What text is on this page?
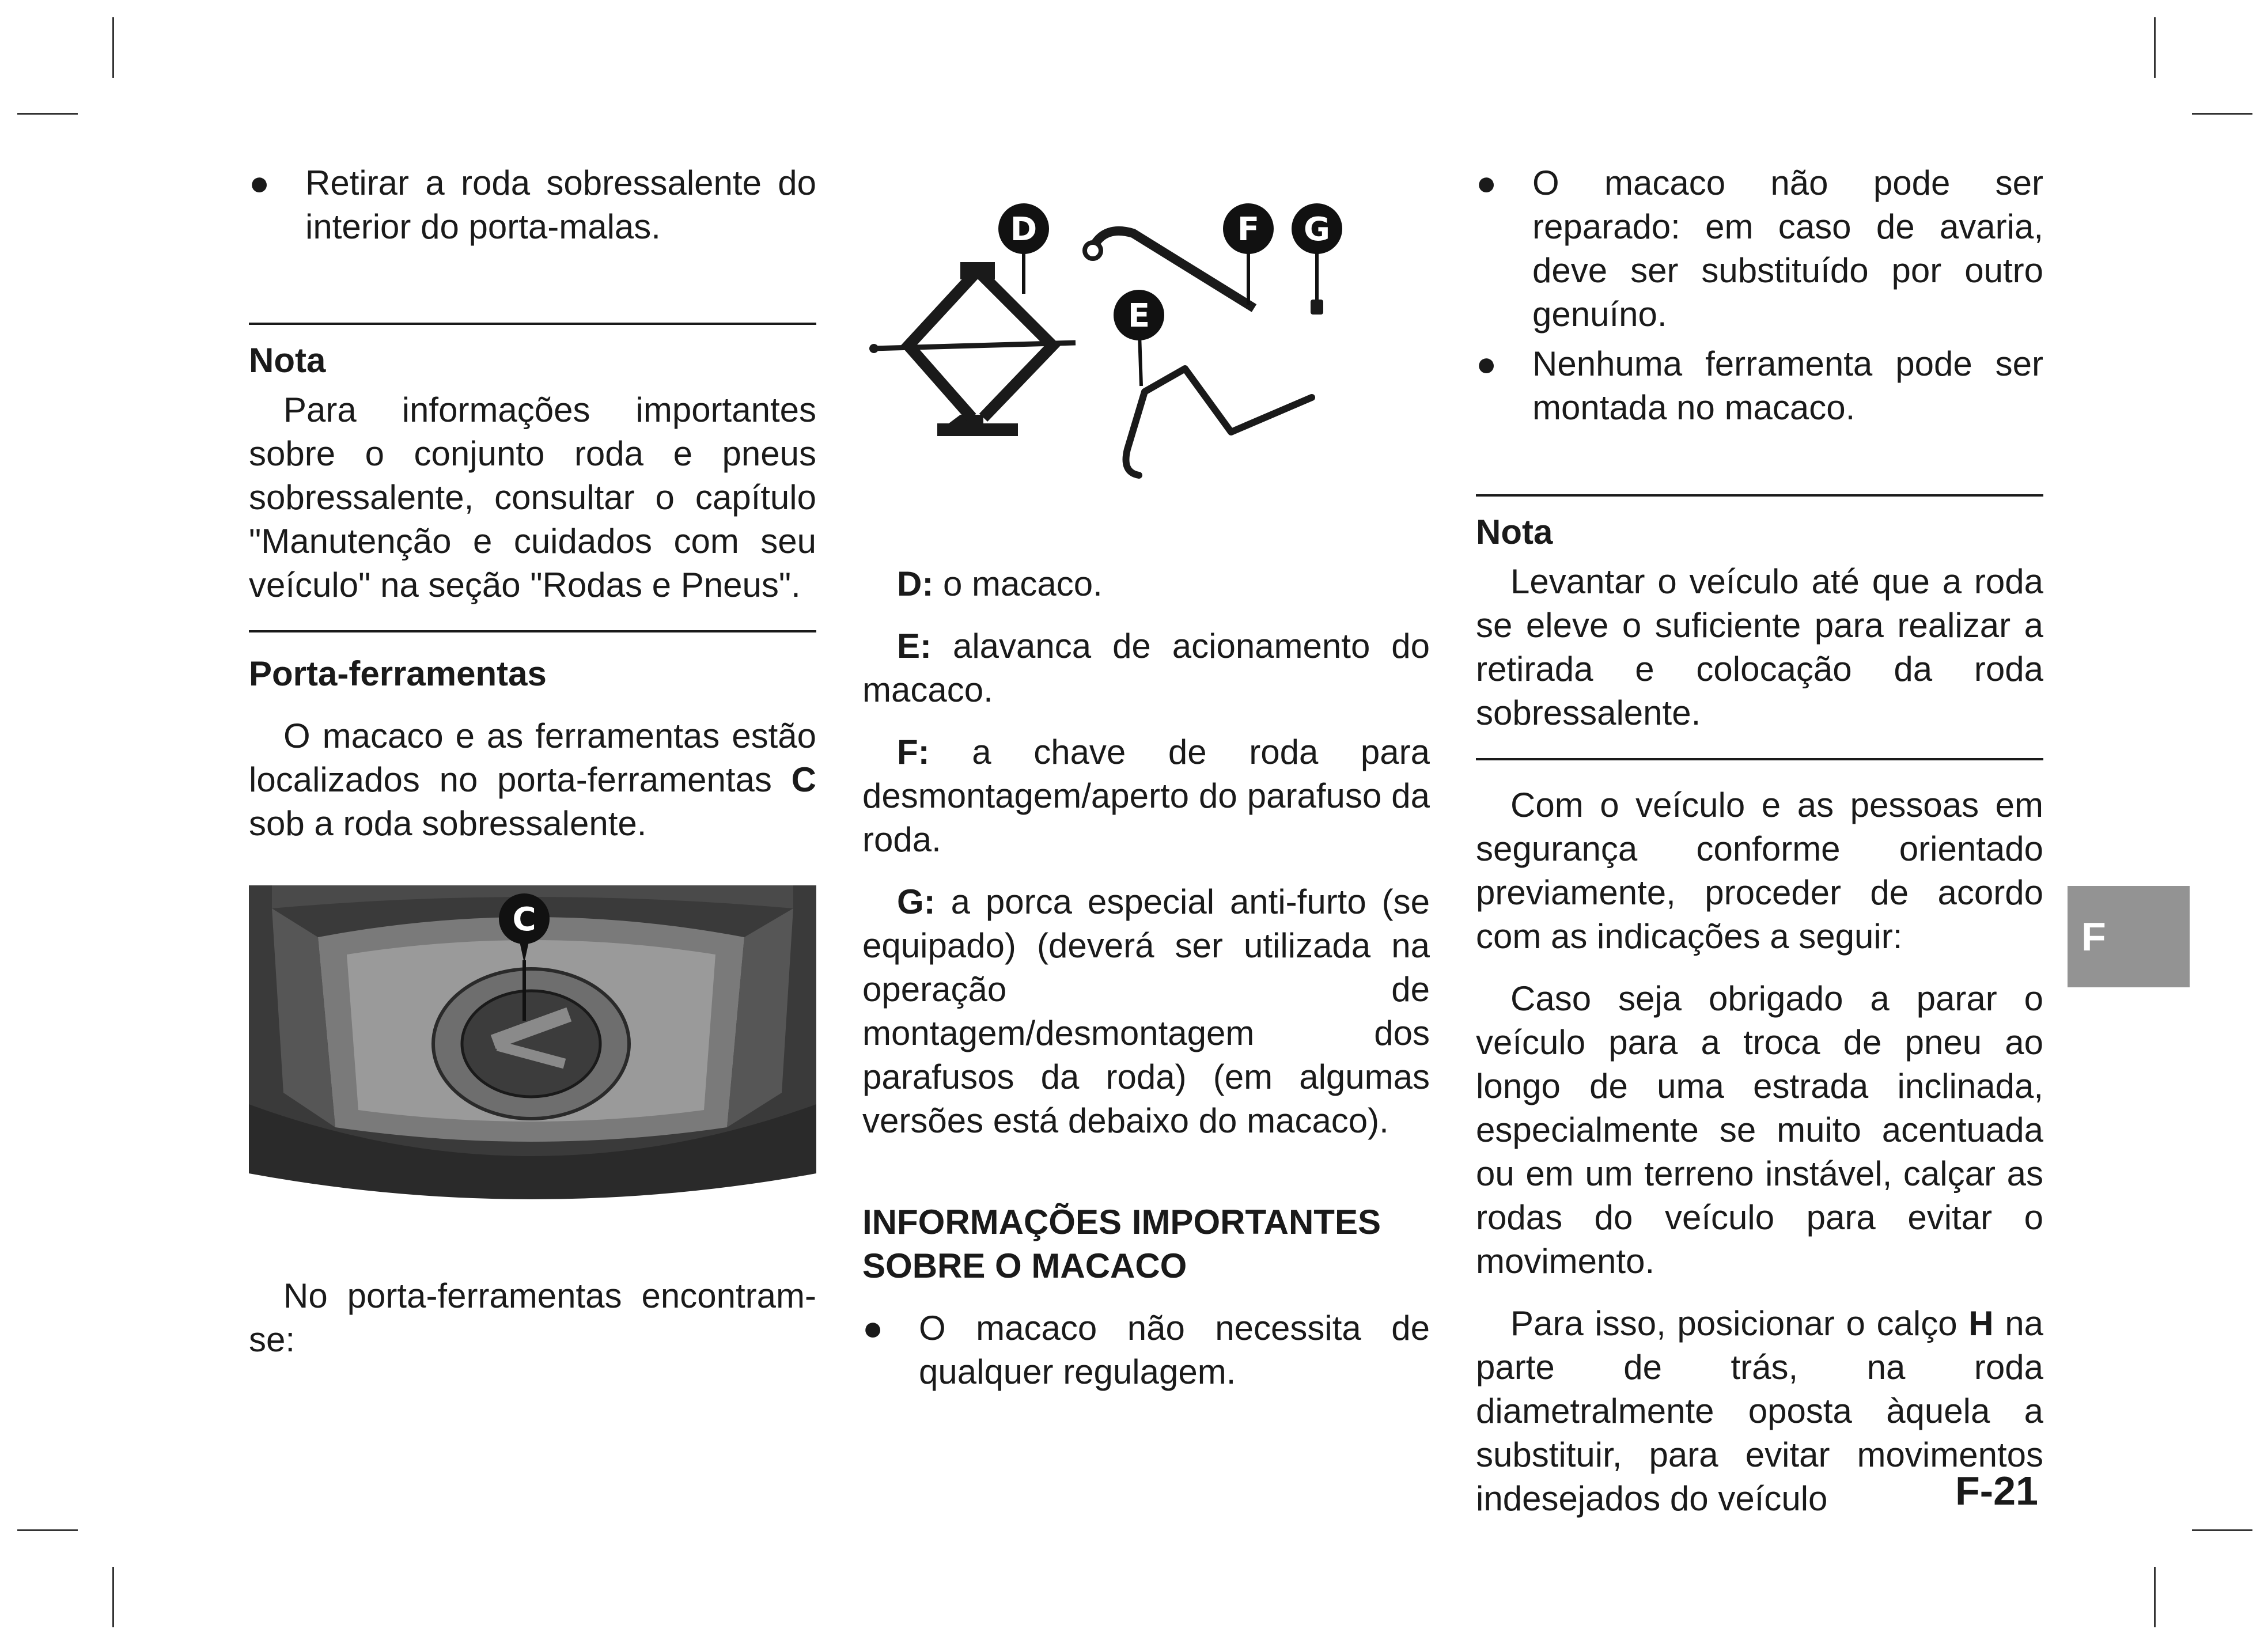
● Retirar a roda sobressalente do interior do porta-malas.

Nota

Para informações importantes sobre o conjunto roda e pneus sobressalente, consultar o capítulo "Manutenção e cuidados com seu veículo" na seção "Rodas e Pneus".

Porta-ferramentas

O macaco e as ferramentas estão localizados no porta-ferramentas C sob a roda sobressalente.

C

No porta-ferramentas encontram-se:

D	F G
E

D: o macaco.

E: alavanca de acionamento do macaco.

F: a chave de roda para desmontagem/aperto do parafuso da roda.

G: a porca especial anti-furto (se equipado) (deverá ser utilizada na operação de montagem/desmontagem dos parafusos da roda) (em algumas versões está debaixo do macaco).

INFORMAÇÕES IMPORTANTES SOBRE O MACACO

● O macaco não necessita de qualquer regulagem.

● O macaco não pode ser reparado: em caso de avaria, deve ser substituído por outro genuíno.

● Nenhuma ferramenta pode ser montada no macaco.

Nota

Levantar o veículo até que a roda se eleve o suficiente para realizar a retirada e colocação da roda sobressalente.

Com o veículo e as pessoas em segurança conforme orientado previamente, proceder de acordo com as indicações a seguir:

Caso seja obrigado a parar o veículo para a troca de pneu ao longo de uma estrada inclinada, especialmente se muito acentuada ou em um terreno instável, calçar as rodas do veículo para evitar o movimento.

Para isso, posicionar o calço H na parte de trás, na roda diametralmente oposta àquela a substituir, para evitar movimentos indesejados do veículo

F
F-21
